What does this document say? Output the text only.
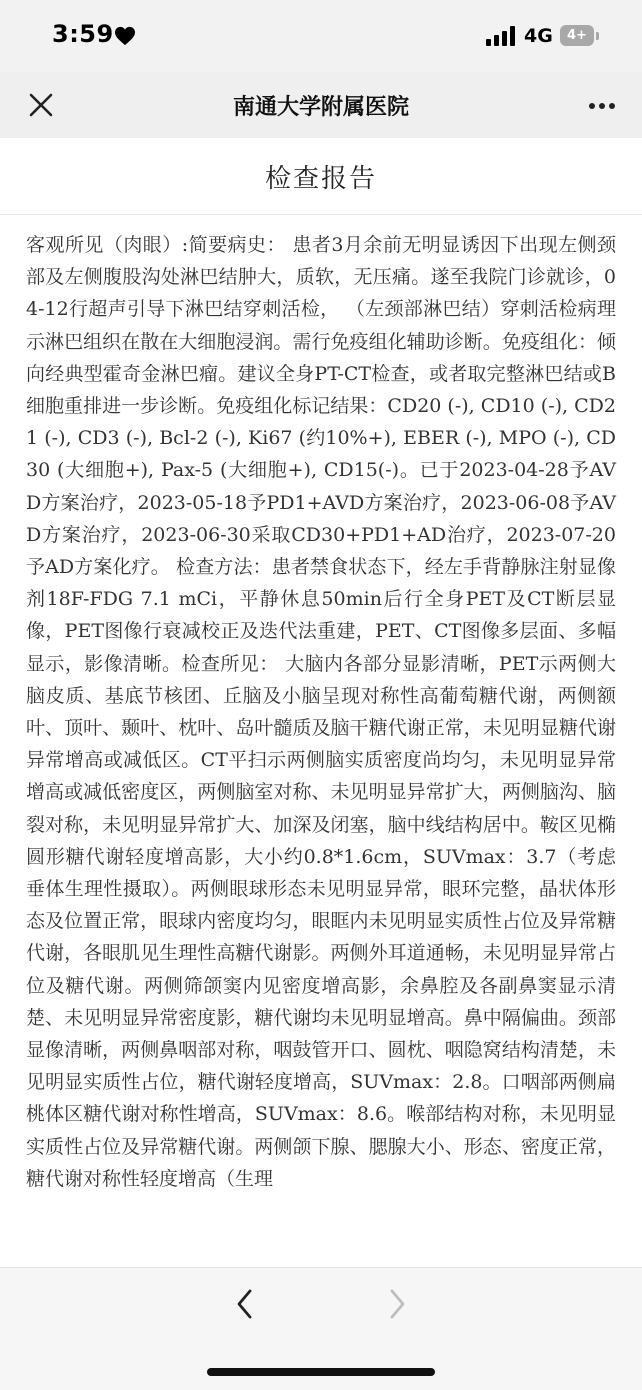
3:59	4G	4+
南通大学附属医院
检查报告

客观所见（肉眼）:简要病史： 患者3月余前无明显诱因下出现左侧颈部及左侧腹股沟处淋巴结肿大，质软，无压痛。遂至我院门诊就诊，04-12行超声引导下淋巴结穿刺活检， （左颈部淋巴结）穿刺活检病理示淋巴组织在散在大细胞浸润。需行免疫组化辅助诊断。免疫组化：倾向经典型霍奇金淋巴瘤。建议全身PT-CT检查，或者取完整淋巴结或B细胞重排进一步诊断。免疫组化标记结果：CD20 (-), CD10 (-), CD21 (-), CD3 (-), Bcl-2 (-), Ki67 (约10%+), EBER (-), MPO (-), CD30 (大细胞+), Pax-5 (大细胞+), CD15(-)。已于2023-04-28予AVD方案治疗，2023-05-18予PD1+AVD方案治疗，2023-06-08予AVD方案治疗，2023-06-30采取CD30+PD1+AD治疗，2023-07-20予AD方案化疗。 检查方法：患者禁食状态下，经左手背静脉注射显像剂18F-FDG 7.1 mCi，平静休息50min后行全身PET及CT断层显像，PET图像行衰减校正及迭代法重建，PET、CT图像多层面、多幅显示，影像清晰。检查所见： 大脑内各部分显影清晰，PET示两侧大脑皮质、基底节核团、丘脑及小脑呈现对称性高葡萄糖代谢，两侧额叶、顶叶、颞叶、枕叶、岛叶髓质及脑干糖代谢正常，未见明显糖代谢异常增高或减低区。CT平扫示两侧脑实质密度尚均匀，未见明显异常增高或减低密度区，两侧脑室对称、未见明显异常扩大，两侧脑沟、脑裂对称，未见明显异常扩大、加深及闭塞，脑中线结构居中。鞍区见椭圆形糖代谢轻度增高影，大小约0.8*1.6cm，SUVmax：3.7（考虑垂体生理性摄取）。两侧眼球形态未见明显异常，眼环完整，晶状体形态及位置正常，眼球内密度均匀，眼眶内未见明显实质性占位及异常糖代谢，各眼肌见生理性高糖代谢影。两侧外耳道通畅，未见明显异常占位及糖代谢。两侧筛颌窦内见密度增高影，余鼻腔及各副鼻窦显示清楚、未见明显异常密度影，糖代谢均未见明显增高。鼻中隔偏曲。颈部显像清晰，两侧鼻咽部对称，咽鼓管开口、圆枕、咽隐窝结构清楚，未见明显实质性占位，糖代谢轻度增高，SUVmax：2.8。口咽部两侧扁桃体区糖代谢对称性增高，SUVmax：8.6。喉部结构对称，未见明显实质性占位及异常糖代谢。两侧颌下腺、腮腺大小、形态、密度正常，糖代谢对称性轻度增高（生理
